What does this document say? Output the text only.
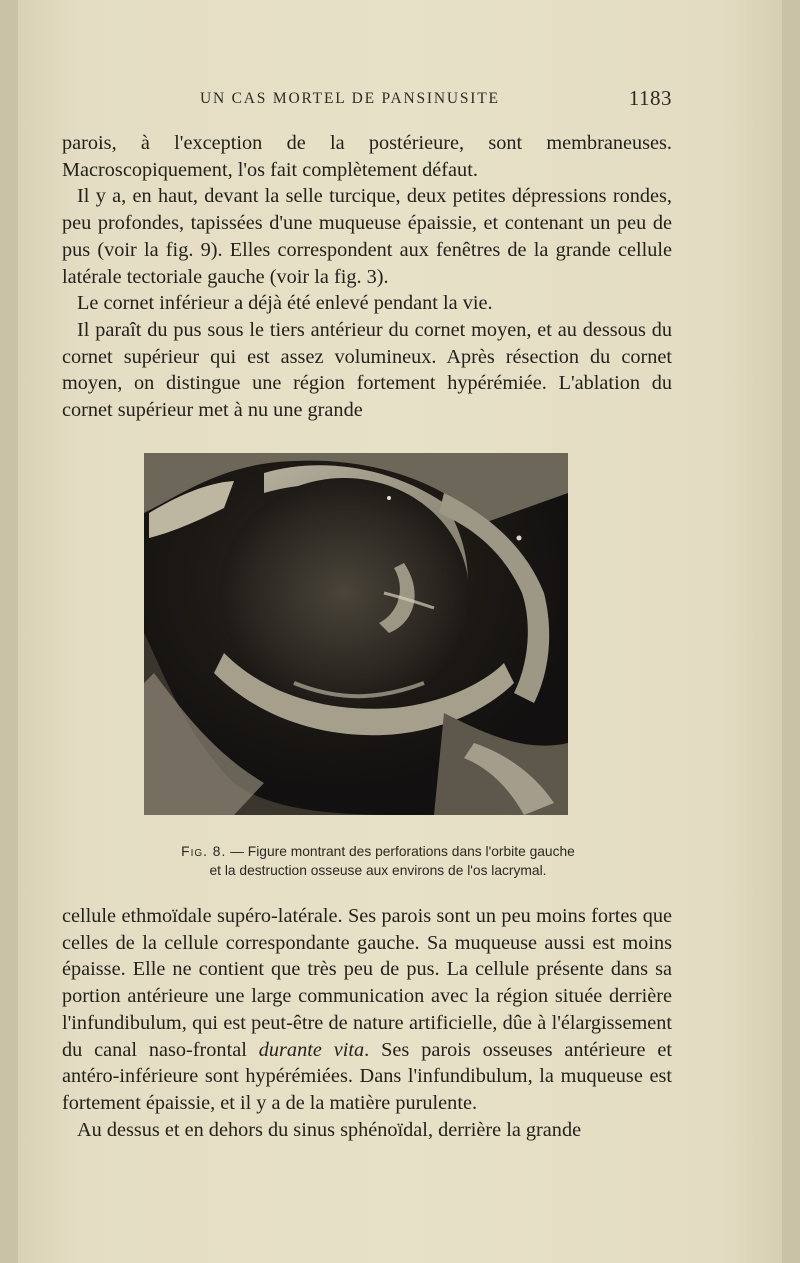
UN CAS MORTEL DE PANSINUSITE	1183

parois, à l'exception de la postérieure, sont membraneuses. Macroscopiquement, l'os fait complètement défaut.

Il y a, en haut, devant la selle turcique, deux petites dépressions rondes, peu profondes, tapissées d'une muqueuse épaissie, et contenant un peu de pus (voir la fig. 9). Elles correspondent aux fenêtres de la grande cellule latérale tectoriale gauche (voir la fig. 3).

Le cornet inférieur a déjà été enlevé pendant la vie.

Il paraît du pus sous le tiers antérieur du cornet moyen, et au dessous du cornet supérieur qui est assez volumineux. Après résection du cornet moyen, on distingue une région fortement hypérémiée. L'ablation du cornet supérieur met à nu une grande

Fig. 8. — Figure montrant des perforations dans l'orbite gauche
et la destruction osseuse aux environs de l'os lacrymal.

cellule ethmoïdale supéro-latérale. Ses parois sont un peu moins fortes que celles de la cellule correspondante gauche. Sa muqueuse aussi est moins épaisse. Elle ne contient que très peu de pus. La cellule présente dans sa portion antérieure une large communication avec la région située derrière l'infundibulum, qui est peut-être de nature artificielle, dûe à l'élargissement du canal naso-frontal durante vita. Ses parois osseuses antérieure et antéro-inférieure sont hypérémiées. Dans l'infundibulum, la muqueuse est fortement épaissie, et il y a de la matière purulente.

Au dessus et en dehors du sinus sphénoïdal, derrière la grande
